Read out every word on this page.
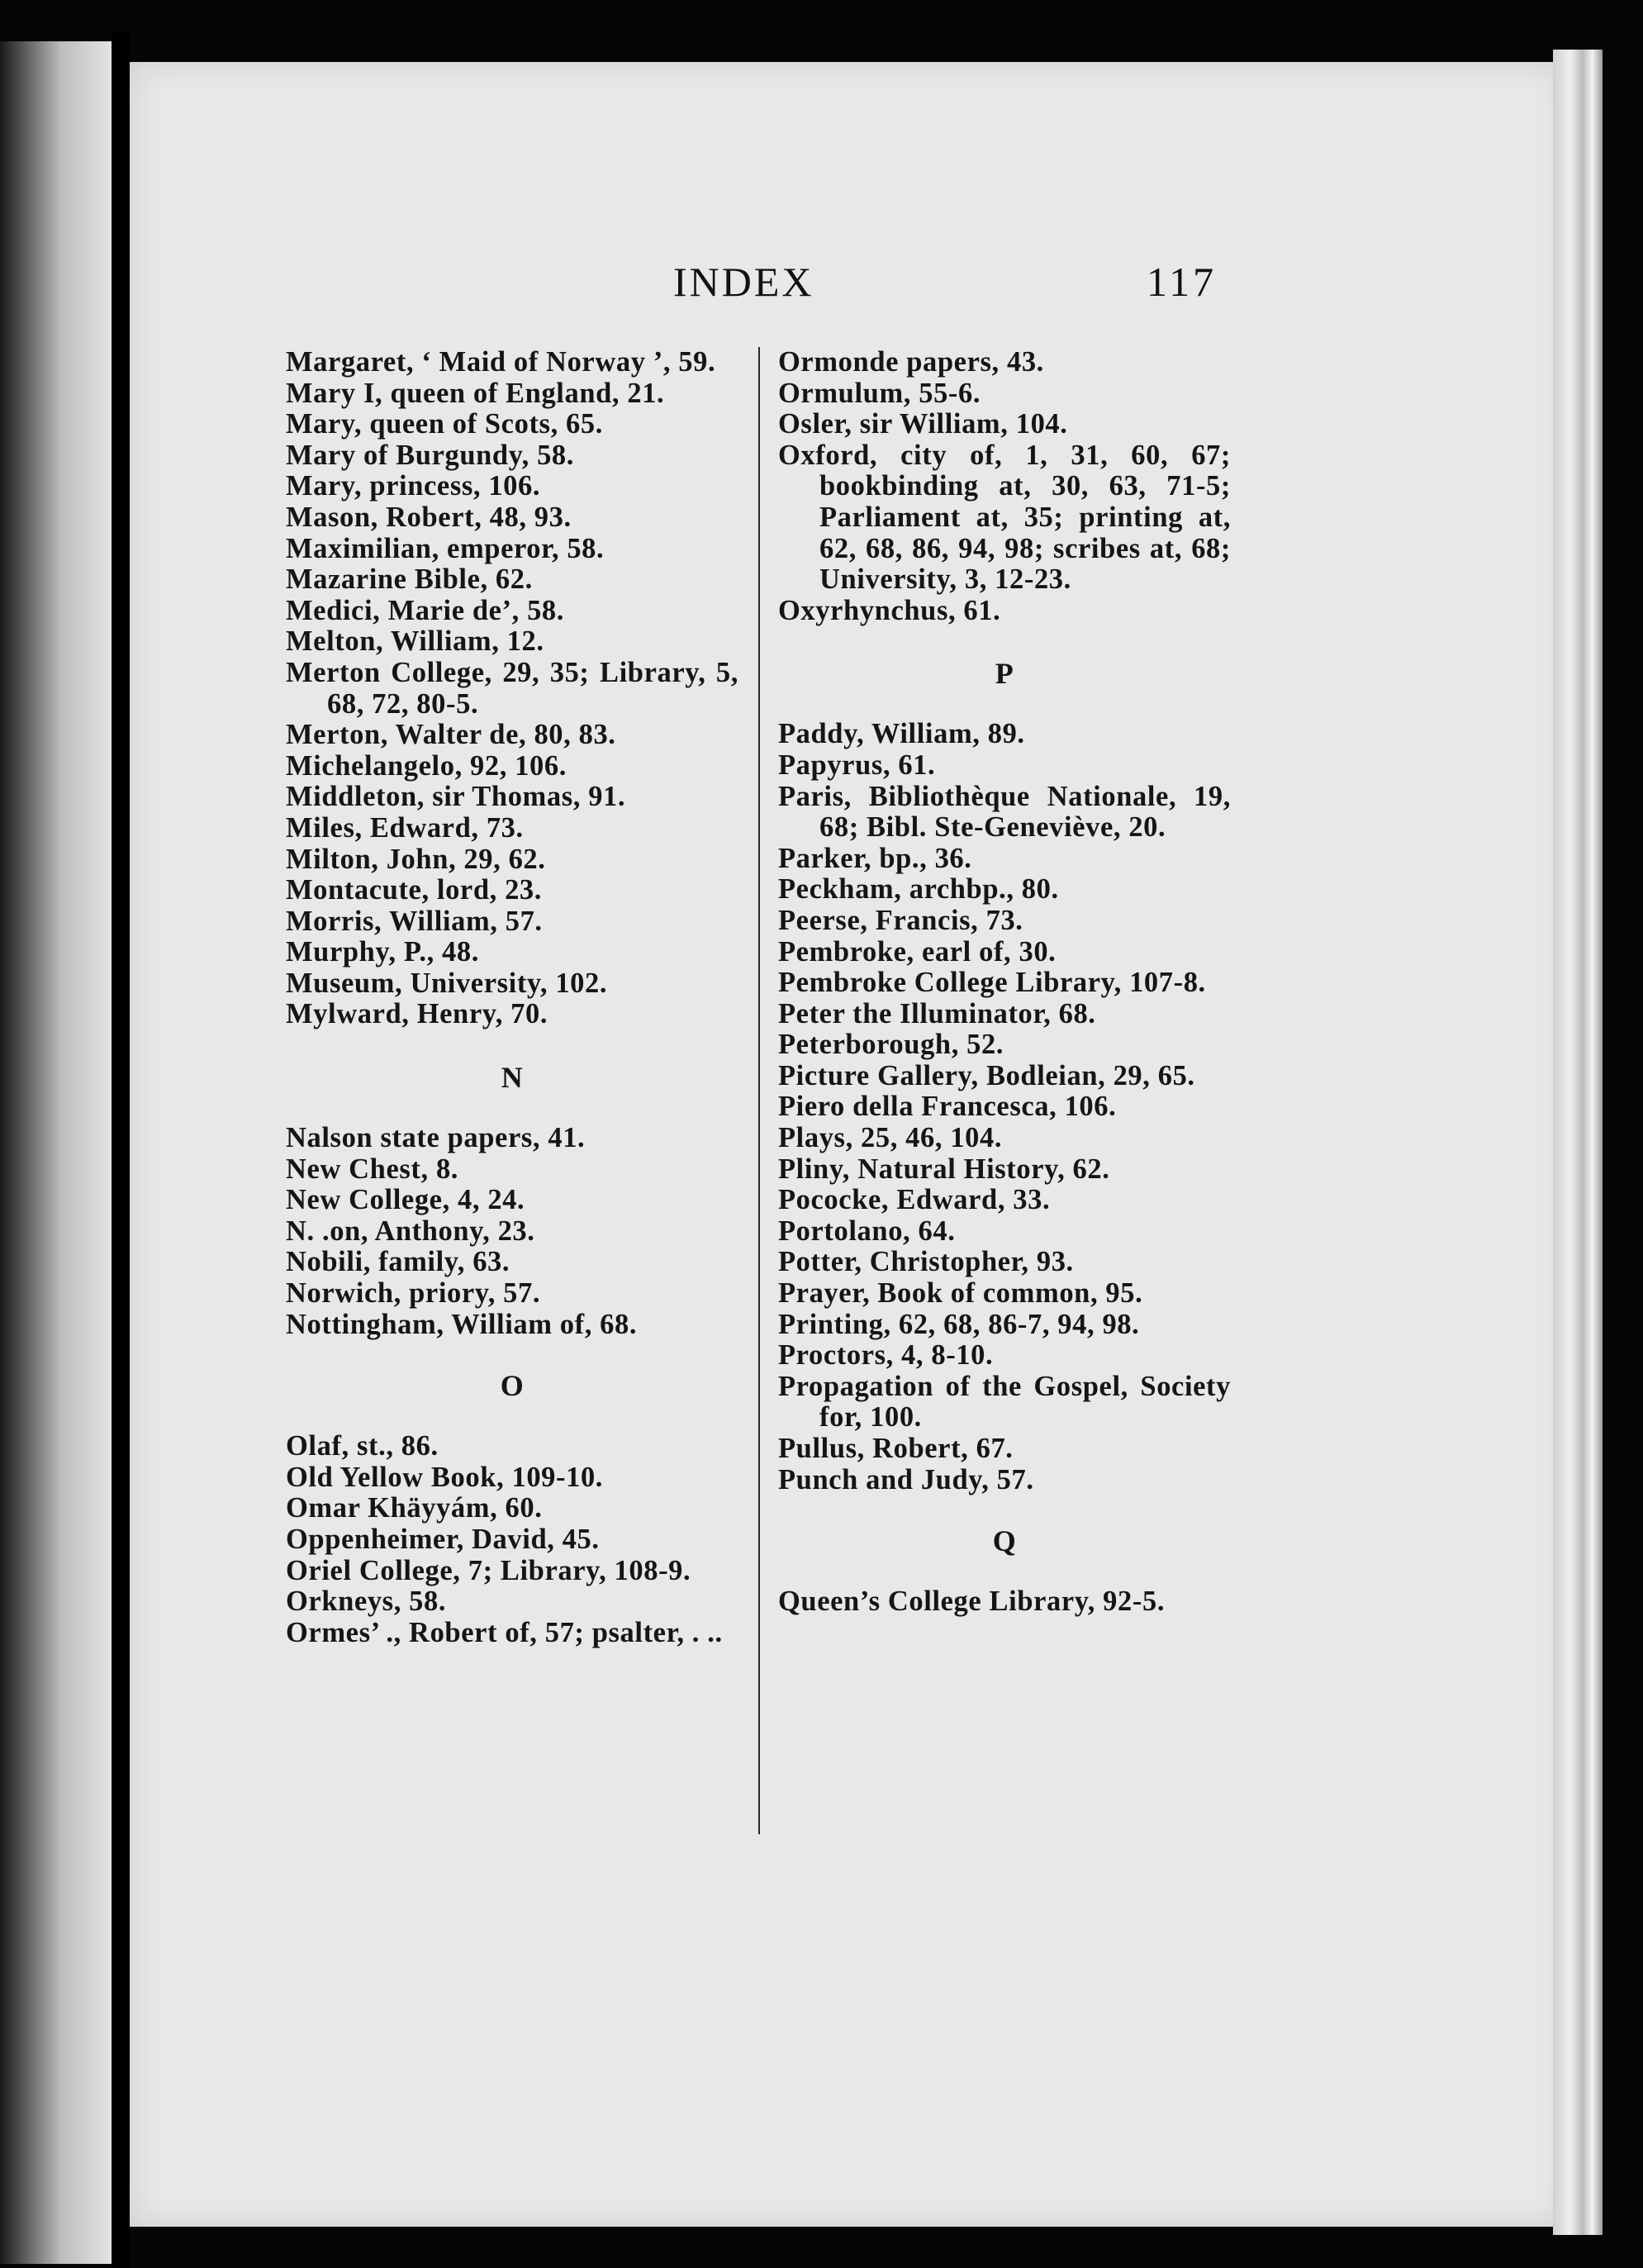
INDEX	117
Margaret, ‘ Maid of Norway ’, 59.
Mary I, queen of England, 21.
Mary, queen of Scots, 65.
Mary of Burgundy, 58.
Mary, princess, 106.
Mason, Robert, 48, 93.
Maximilian, emperor, 58.
Mazarine Bible, 62.
Medici, Marie de’, 58.
Melton, William, 12.
Merton College, 29, 35; Library, 5, 68, 72, 80-5.
Merton, Walter de, 80, 83.
Michelangelo, 92, 106.
Middleton, sir Thomas, 91.
Miles, Edward, 73.
Milton, John, 29, 62.
Montacute, lord, 23.
Morris, William, 57.
Murphy, P., 48.
Museum, University, 102.
Mylward, Henry, 70.
N
Nalson state papers, 41.
New Chest, 8.
New College, 4, 24.
N. .on, Anthony, 23.
Nobili, family, 63.
Norwich, priory, 57.
Nottingham, William of, 68.
O
Olaf, st., 86.
Old Yellow Book, 109-10.
Omar Khäyyám, 60.
Oppenheimer, David, 45.
Oriel College, 7; Library, 108-9.
Orkneys, 58.
Ormes’ ., Robert of, 57; psalter, . ..
Ormonde papers, 43.
Ormulum, 55-6.
Osler, sir William, 104.
Oxford, city of, 1, 31, 60, 67; bookbinding at, 30, 63, 71-5; Parliament at, 35; printing at, 62, 68, 86, 94, 98; scribes at, 68; University, 3, 12-23.
Oxyrhynchus, 61.
P
Paddy, William, 89.
Papyrus, 61.
Paris, Bibliothèque Nationale, 19, 68; Bibl. Ste-Geneviève, 20.
Parker, bp., 36.
Peckham, archbp., 80.
Peerse, Francis, 73.
Pembroke, earl of, 30.
Pembroke College Library, 107-8.
Peter the Illuminator, 68.
Peterborough, 52.
Picture Gallery, Bodleian, 29, 65.
Piero della Francesca, 106.
Plays, 25, 46, 104.
Pliny, Natural History, 62.
Pococke, Edward, 33.
Portolano, 64.
Potter, Christopher, 93.
Prayer, Book of common, 95.
Printing, 62, 68, 86-7, 94, 98.
Proctors, 4, 8-10.
Propagation of the Gospel, Society for, 100.
Pullus, Robert, 67.
Punch and Judy, 57.
Q
Queen’s College Library, 92-5.
